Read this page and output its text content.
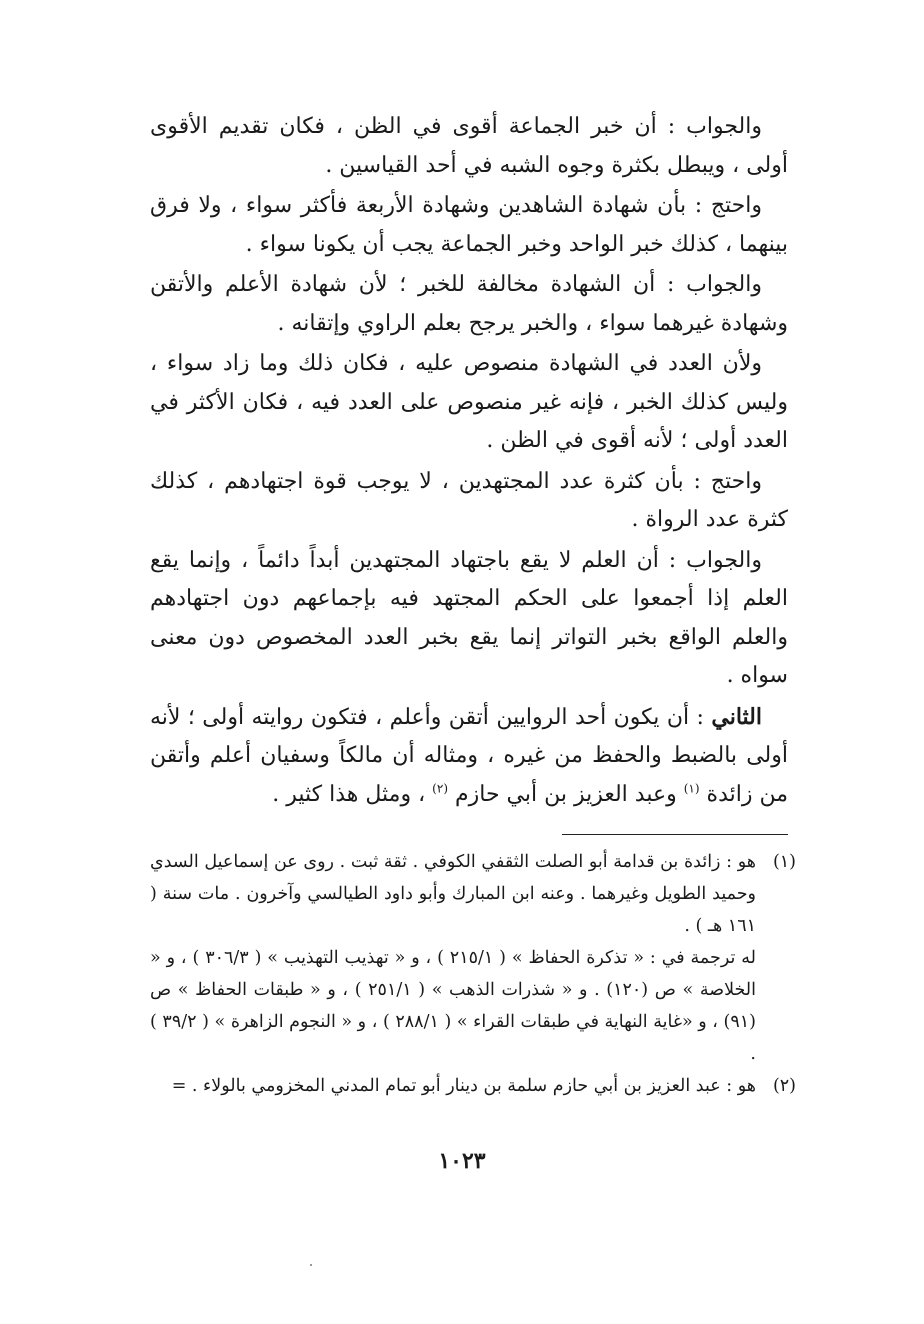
والجواب : أن خبر الجماعة أقوى في الظن ، فكان تقديم الأقوى أولى ، ويبطل بكثرة وجوه الشبه في أحد القياسين .

واحتج : بأن شهادة الشاهدين وشهادة الأربعة فأكثر سواء ، ولا فرق بينهما ، كذلك خبر الواحد وخبر الجماعة يجب أن يكونا سواء .

والجواب : أن الشهادة مخالفة للخبر ؛ لأن شهادة الأعلم والأتقن وشهادة غيرهما سواء ، والخبر يرجح بعلم الراوي وإتقانه .

ولأن العدد في الشهادة منصوص عليه ، فكان ذلك وما زاد سواء ، وليس كذلك الخبر ، فإنه غير منصوص على العدد فيه ، فكان الأكثر في العدد أولى ؛ لأنه أقوى في الظن .

واحتج : بأن كثرة عدد المجتهدين ، لا يوجب قوة اجتهادهم ، كذلك كثرة عدد الرواة .

والجواب : أن العلم لا يقع باجتهاد المجتهدين أبداً دائماً ، وإنما يقع العلم إذا أجمعوا على الحكم المجتهد فيه بإجماعهم دون اجتهادهم والعلم الواقع بخبر التواتر إنما يقع بخبر العدد المخصوص دون معنى سواه .

الثاني : أن يكون أحد الروايين أتقن وأعلم ، فتكون روايته أولى ؛ لأنه أولى بالضبط والحفظ من غيره ، ومثاله أن مالكاً وسفيان أعلم وأتقن من زائدة $^{(١)}$ وعبد العزيز بن أبي حازم $^{(٢)}$ ، ومثل هذا كثير .

(١)

هو : زائدة بن قدامة أبو الصلت الثقفي الكوفي . ثقة ثبت . روى عن إسماعيل السدي وحميد الطويل وغيرهما . وعنه ابن المبارك وأبو داود الطيالسي وآخرون . مات سنة ( ١٦١ هـ ) .

له ترجمة في : « تذكرة الحفاظ » ( ٢١٥/١ ) ، و « تهذيب التهذيب » ( ٣٠٦/٣ ) ، و « الخلاصة » ص (١٢٠) . و « شذرات الذهب » ( ٢٥١/١ ) ، و « طبقات الحفاظ » ص (٩١) ، و «غاية النهاية في طبقات القراء » ( ٢٨٨/١ ) ، و « النجوم الزاهرة » ( ٣٩/٢ ) .

(٢)

هو : عبد العزيز بن أبي حازم سلمة بن دينار أبو تمام المدني المخزومي بالولاء . =

١٠٢٣
